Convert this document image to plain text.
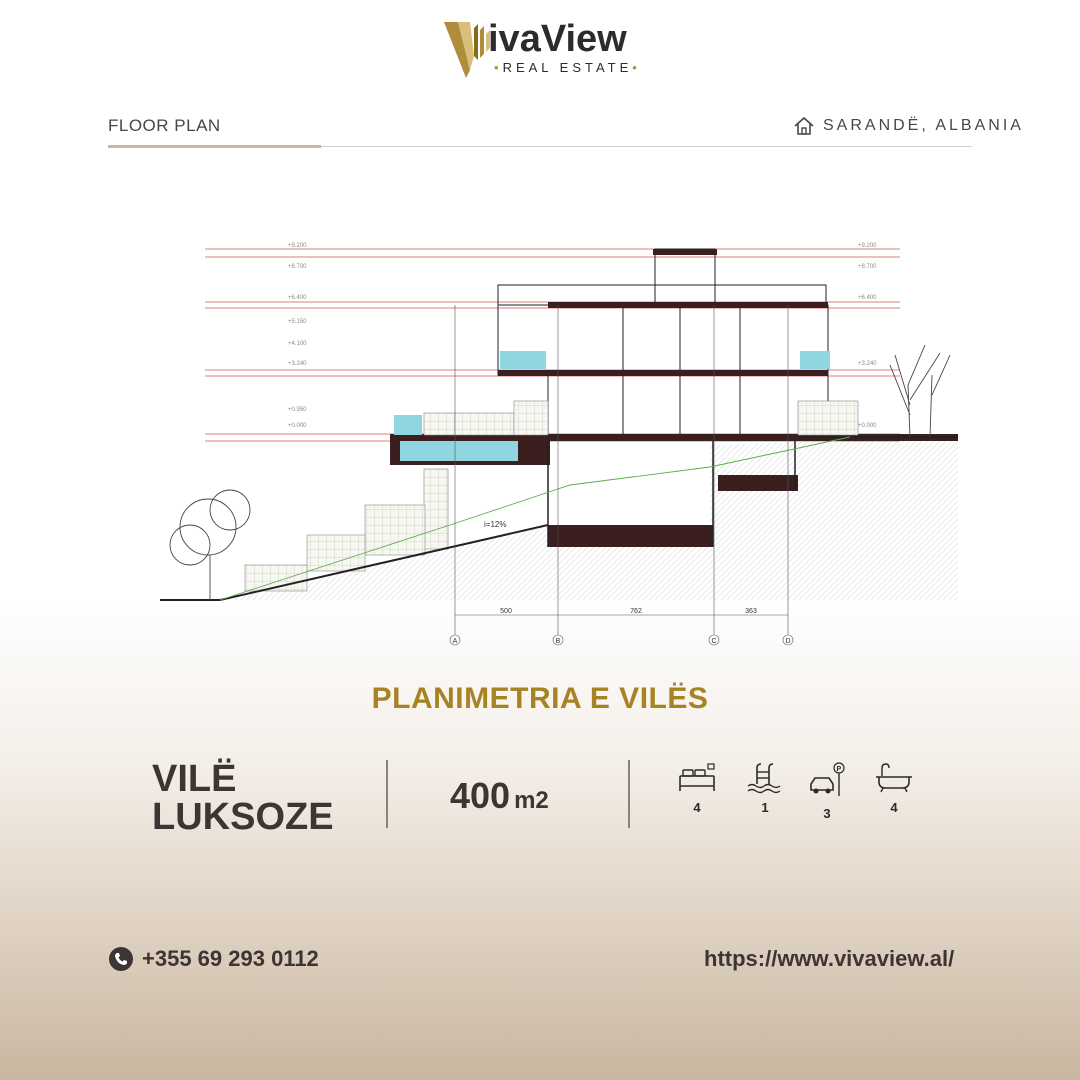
ivaView
•REAL ESTATE•
FLOOR PLAN	SARANDË, ALBANIA
+9.200
+8.700
+6.400
+5.150
+4.100
+3.240
+0.950
+0.000
+9.200
+8.700
+6.400
+3.240
+0.000
i=12%
500	762	363
A	B	C	D
PLANIMETRIA E VILËS
VILË
LUKSOZE
400 m2	4	1
P
3	4
+355 69 293 0112	https://www.vivaview.al/
